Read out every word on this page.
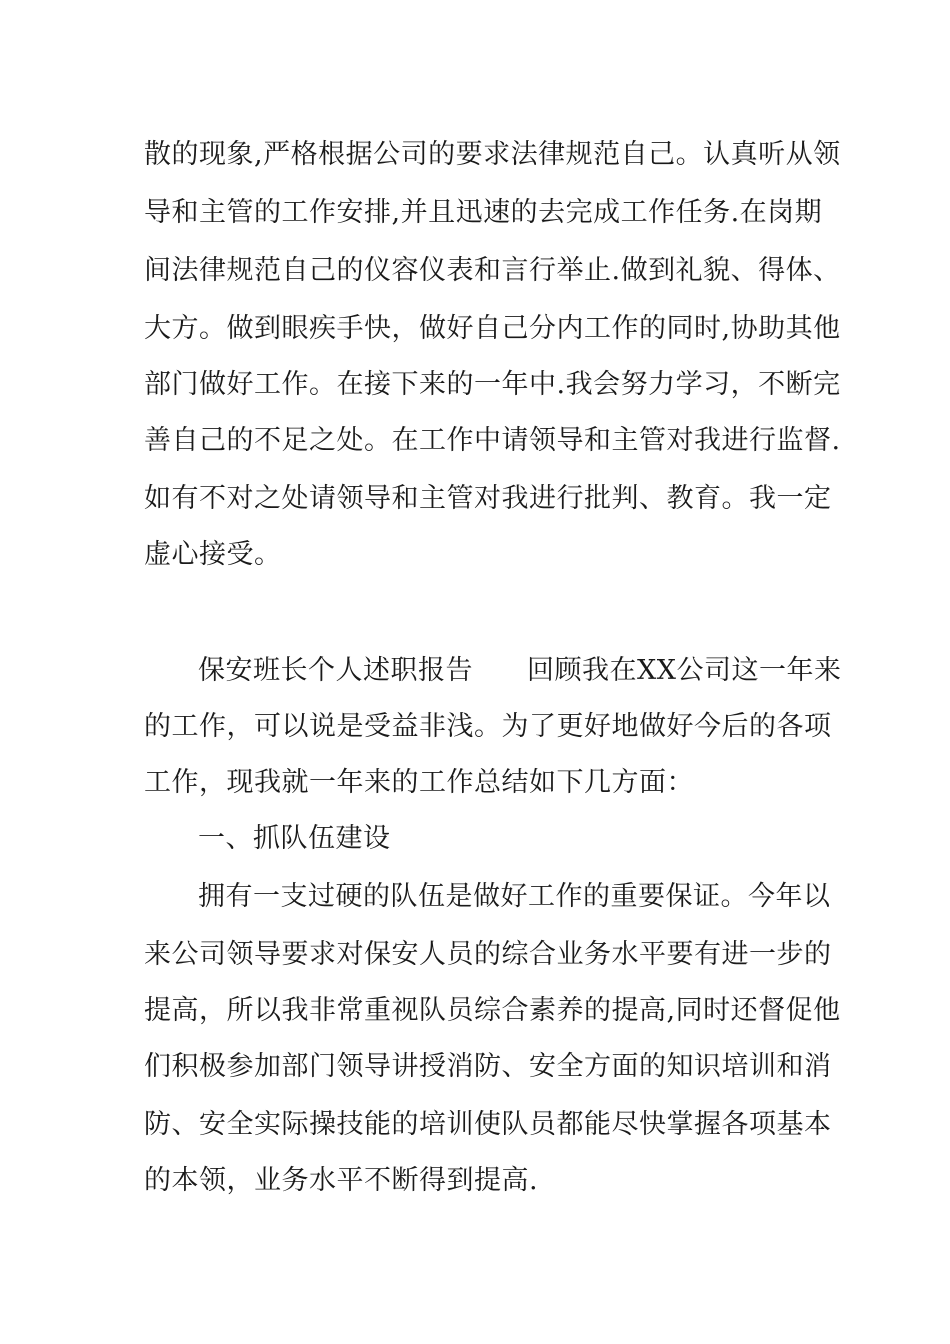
散的现象,严格根据公司的要求法律规范自己。认真听从领
导和主管的工作安排,并且迅速的去完成工作任务.在岗期
间法律规范自己的仪容仪表和言行举止.做到礼貌、得体、
大方。做到眼疾手快，做好自己分内工作的同时,协助其他
部门做好工作。在接下来的一年中.我会努力学习，不断完
善自己的不足之处。在工作中请领导和主管对我进行监督.
如有不对之处请领导和主管对我进行批判、教育。我一定
虚心接受。
保安班长个人述职报告 回顾我在XX公司这一年来
的工作，可以说是受益非浅。为了更好地做好今后的各项
工作，现我就一年来的工作总结如下几方面：
一、抓队伍建设
拥有一支过硬的队伍是做好工作的重要保证。今年以
来公司领导要求对保安人员的综合业务水平要有进一步的
提高，所以我非常重视队员综合素养的提高,同时还督促他
们积极参加部门领导讲授消防、安全方面的知识培训和消
防、安全实际操技能的培训使队员都能尽快掌握各项基本
的本领，业务水平不断得到提高.
